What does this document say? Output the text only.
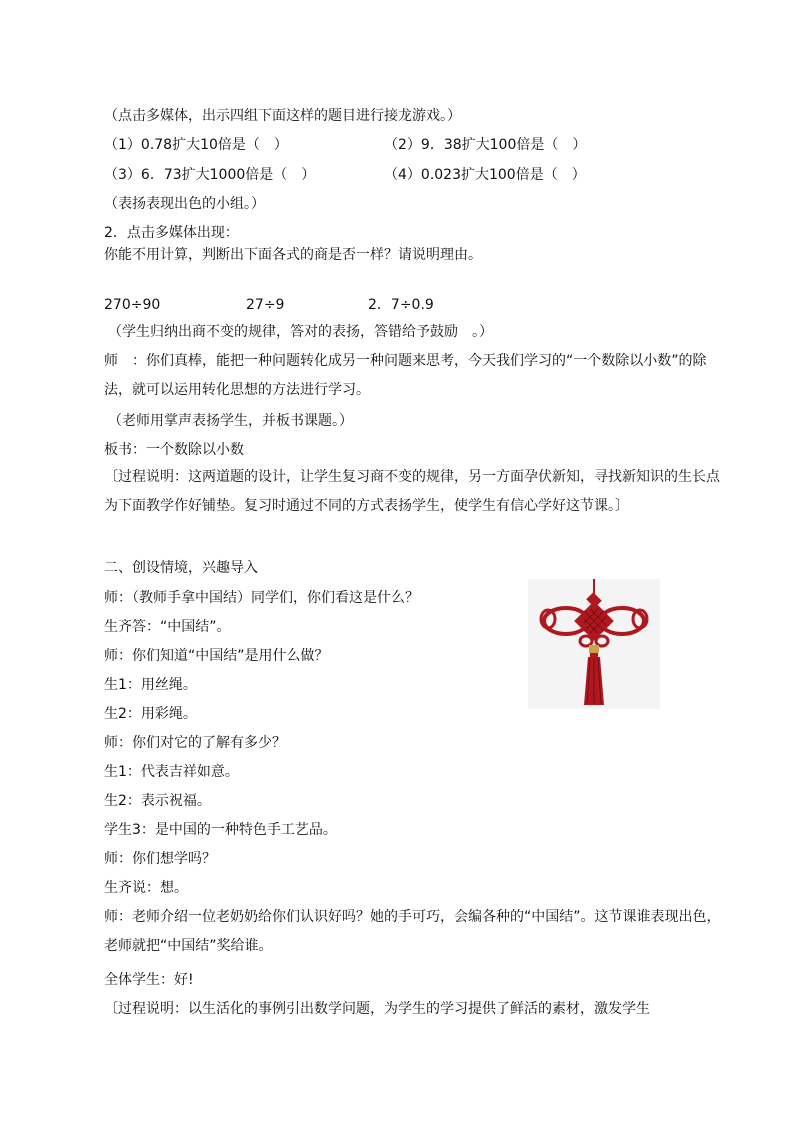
（点击多媒体，出示四组下面这样的题目进行接龙游戏。）
（1）0.78扩大10倍是（　）	（2）9．38扩大100倍是（　）
（3）6．73扩大1000倍是（　）	（4）0.023扩大100倍是（　）
（表扬表现出色的小组。）
2．点击多媒体出现：
你能不用计算，判断出下面各式的商是否一样？请说明理由。
270÷90	27÷9	2．7÷0.9
（学生归纳出商不变的规律，答对的表扬，答错给予鼓励　。）
师　：你们真棒，能把一种问题转化成另一种问题来思考，今天我们学习的“一个数除以小数”的除法，就可以运用转化思想的方法进行学习。
（老师用掌声表扬学生，并板书课题。）
板书：一个数除以小数
〔过程说明：这两道题的设计，让学生复习商不变的规律，另一方面孕伏新知，寻找新知识的生长点为下面教学作好铺垫。复习时通过不同的方式表扬学生，使学生有信心学好这节课。〕
二、创设情境，兴趣导入
师：（教师手拿中国结）同学们，你们看这是什么？
生齐答：“中国结”。
师：你们知道“中国结”是用什么做？
生1：用丝绳。
生2：用彩绳。
师：你们对它的了解有多少？
生1：代表吉祥如意。
生2：表示祝福。
学生3：是中国的一种特色手工艺品。
师：你们想学吗？
生齐说：想。
师：老师介绍一位老奶奶给你们认识好吗？她的手可巧，会编各种的“中国结”。这节课谁表现出色，老师就把“中国结”奖给谁。
全体学生：好!
〔过程说明：以生活化的事例引出数学问题，为学生的学习提供了鲜活的素材，激发学生
